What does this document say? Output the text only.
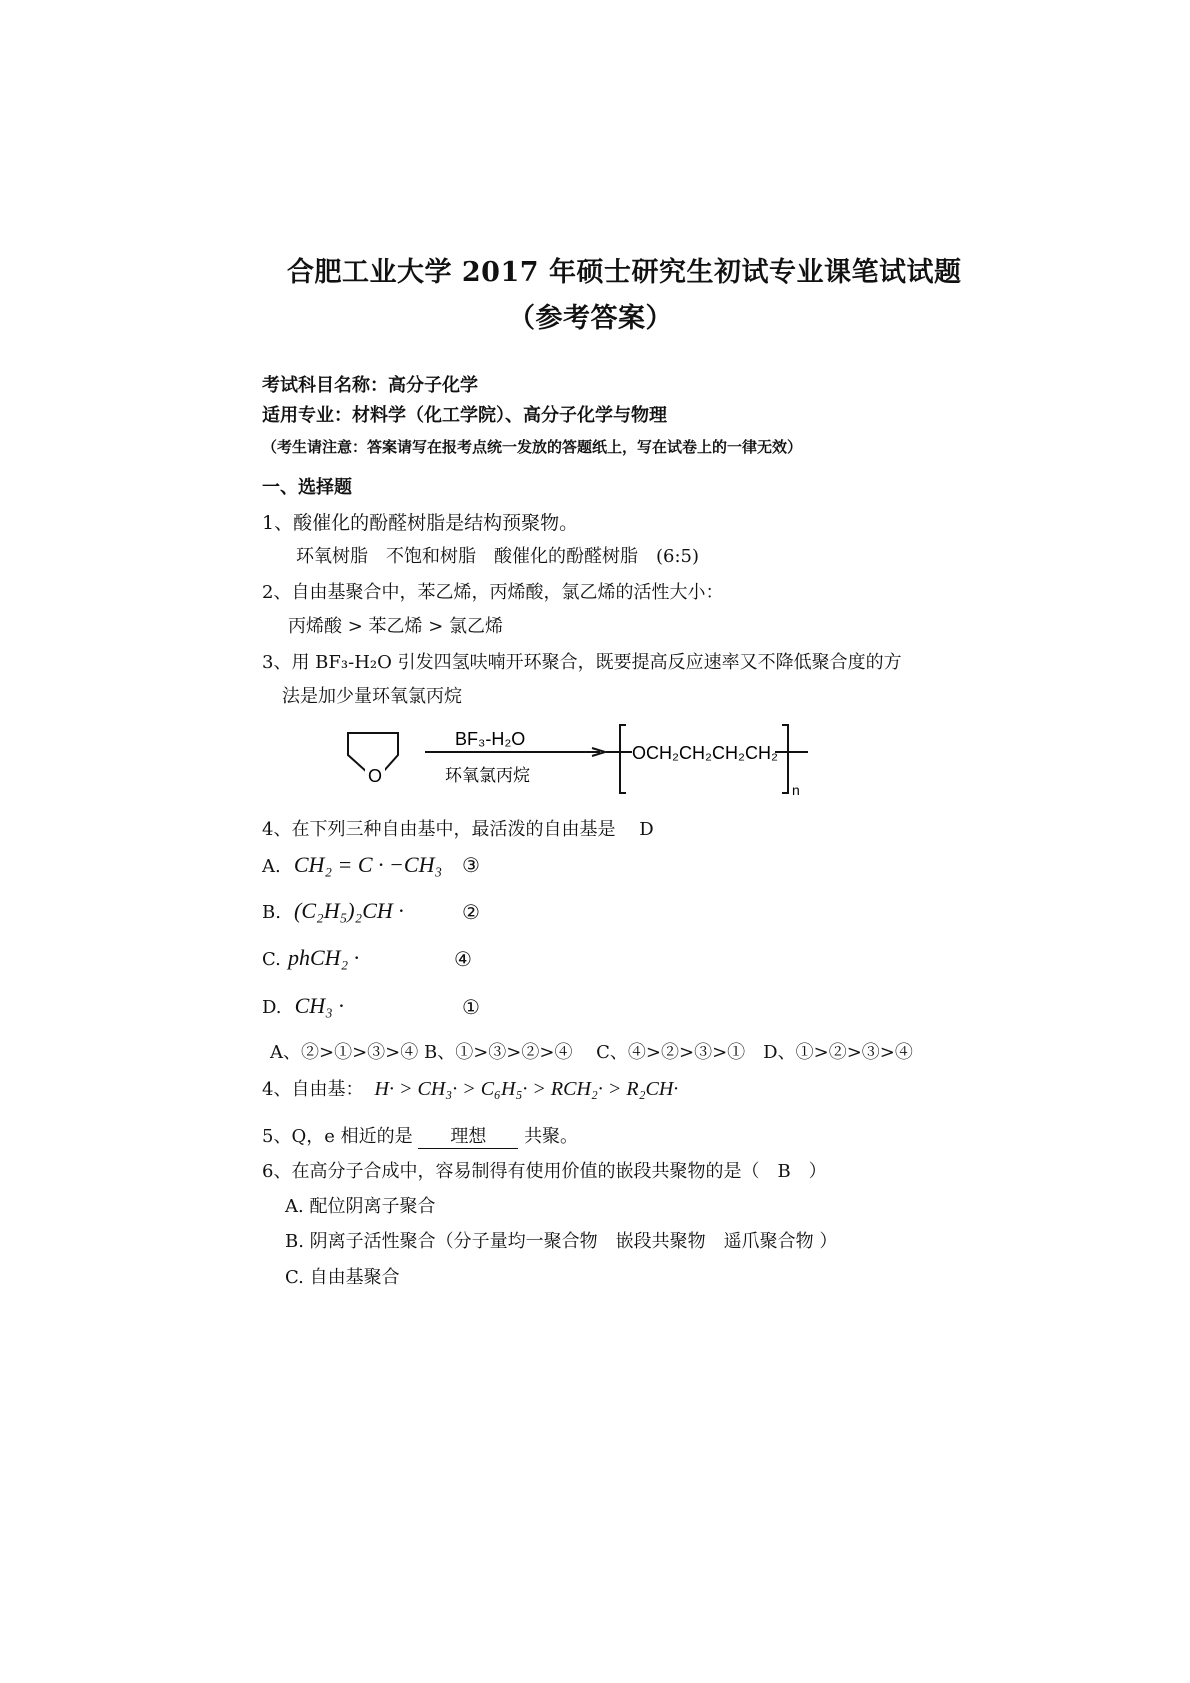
合肥工业大学 2017 年硕士研究生初试专业课笔试试题
（参考答案）
考试科目名称：高分子化学
适用专业：材料学（化工学院）、高分子化学与物理
（考生请注意：答案请写在报考点统一发放的答题纸上，写在试卷上的一律无效）
一、选择题
1、酸催化的酚醛树脂是结构预聚物。
环氧树脂　不饱和树脂　酸催化的酚醛树脂　(6:5)
2、自由基聚合中，苯乙烯，丙烯酸，氯乙烯的活性大小：
丙烯酸 > 苯乙烯 > 氯乙烯
3、用 BF₃-H₂O 引发四氢呋喃开环聚合，既要提高反应速率又不降低聚合度的方
法是加少量环氧氯丙烷
O
BF₃-H₂O
环氧氯丙烷
OCH₂CH₂CH₂CH₂
n
4、在下列三种自由基中，最活泼的自由基是 D
A. CH₂ = C · −CH₃ ③
B. (C₂H₅)₂CH ·	②
C. phCH₂ ·	④
D. CH₃ ·	①
A、②>①>③>④ B、①>③>②>④　 C、④>②>③>①　D、①>②>③>④
4、自由基： H· > CH₃· > C₆H₅· > RCH₂· > R₂CH·
5、Q，e 相近的是 理想 共聚。
6、在高分子合成中，容易制得有使用价值的嵌段共聚物的是（　B　）
A. 配位阴离子聚合
B. 阴离子活性聚合（分子量均一聚合物　嵌段共聚物　遥爪聚合物 ）
C. 自由基聚合
